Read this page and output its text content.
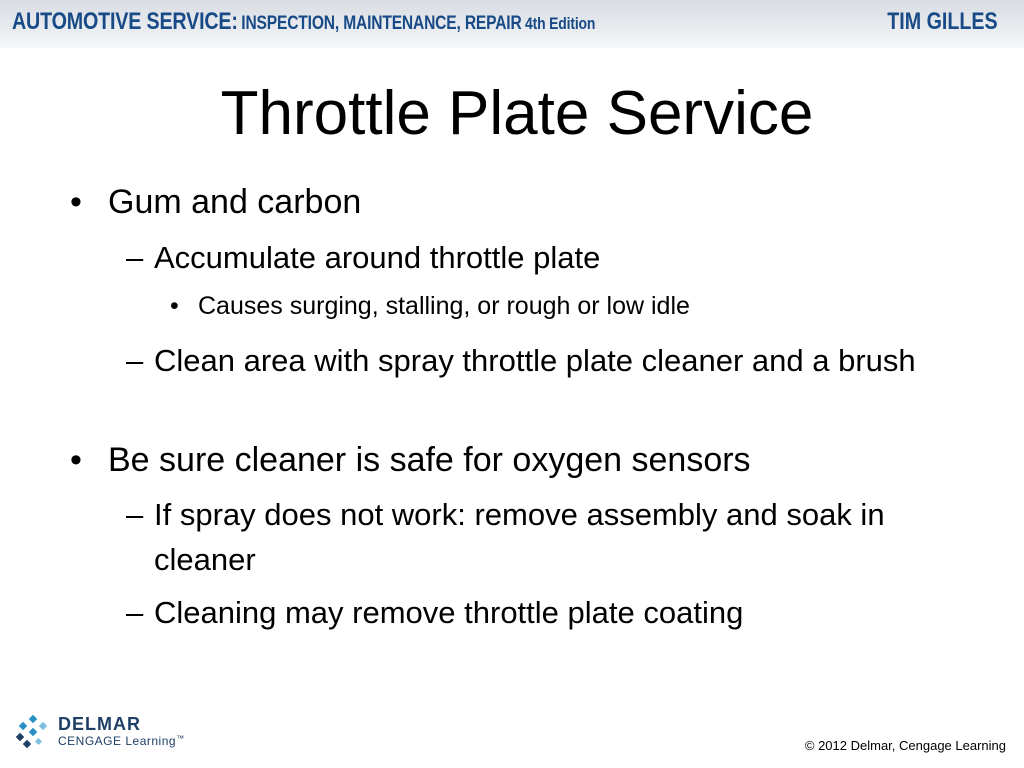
AUTOMOTIVE SERVICE: INSPECTION, MAINTENANCE, REPAIR 4th Edition	TIM GILLES
Throttle Plate Service
• Gum and carbon
– Accumulate around throttle plate
• Causes surging, stalling, or rough or low idle
– Clean area with spray throttle plate cleaner and a brush
• Be sure cleaner is safe for oxygen sensors
– If spray does not work: remove assembly and soak in cleaner
– Cleaning may remove throttle plate coating
DELMAR
CENGAGE Learning™	© 2012 Delmar, Cengage Learning
